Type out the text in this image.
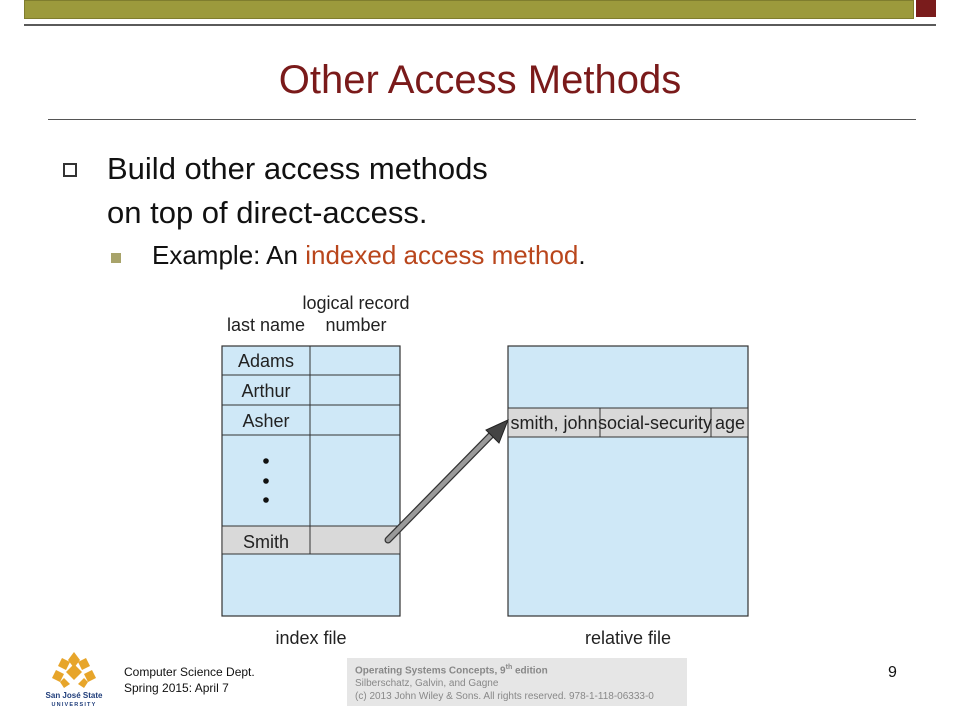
Other Access Methods
Build other access methods
on top of direct-access.
Example: An indexed access method.
last name
logical record
number
Adams
Arthur
Asher
Smith
index file
smith, john social-security age
relative file
San José State
UNIVERSITY
Computer Science Dept.
Spring 2015: April 7
Operating Systems Concepts, 9th edition
Silberschatz, Galvin, and Gagne
(c) 2013 John Wiley & Sons. All rights reserved. 978-1-118-06333-0
9
